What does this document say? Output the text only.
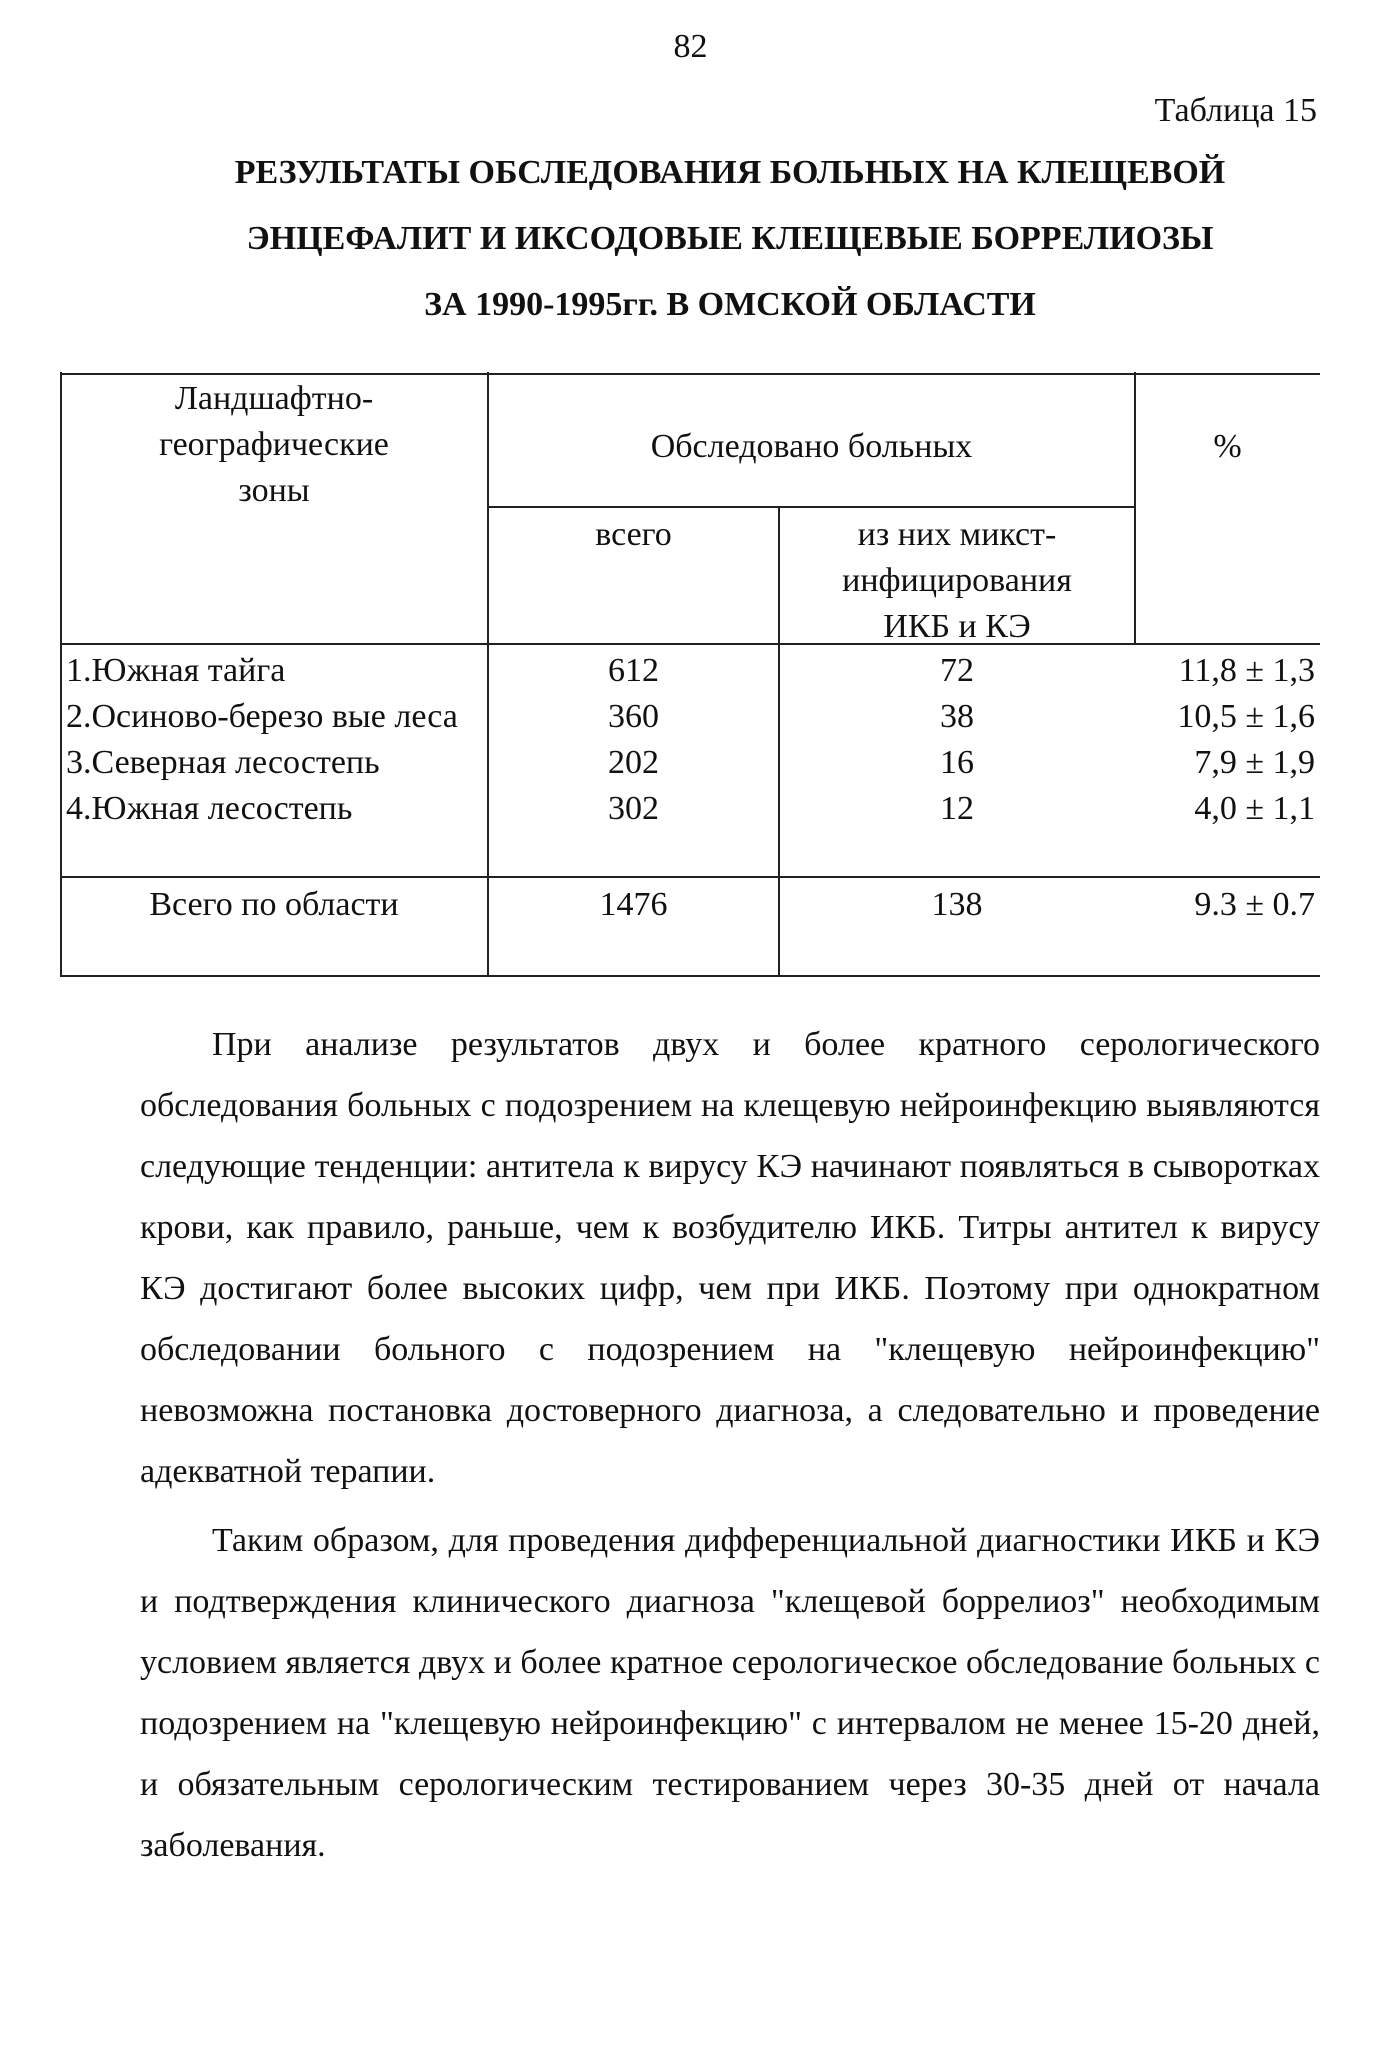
82
Таблица 15
РЕЗУЛЬТАТЫ ОБСЛЕДОВАНИЯ БОЛЬНЫХ НА КЛЕЩЕВОЙ
ЭНЦЕФАЛИТ И ИКСОДОВЫЕ КЛЕЩЕВЫЕ БОРРЕЛИОЗЫ
ЗА 1990-1995гг. В ОМСКОЙ ОБЛАСТИ
Ландшафтно-
географические
зоны
Обследовано больных	%
всего	из них микст-
инфицирования
ИКБ и КЭ
1.Южная тайга	612	72	11,8 ± 1,3
2.Осиново-березо вые леса	360	38	10,5 ± 1,6
3.Северная лесостепь	202	16	7,9 ± 1,9
4.Южная лесостепь	302	12	4,0 ± 1,1
Всего по области	1476	138	9.3 ± 0.7

При анализе результатов двух и более кратного серологического обследования больных с подозрением на клещевую нейроинфекцию выявляются следующие тенденции: антитела к вирусу КЭ начинают появляться в сыворотках крови, как правило, раньше, чем к возбудителю ИКБ. Титры антител к вирусу КЭ достигают более высоких цифр, чем при ИКБ. Поэтому при однократном обследовании больного с подозрением на "клещевую нейроинфекцию" невозможна постановка достоверного диагноза, а следовательно и проведение адекватной терапии.

Таким образом, для проведения дифференциальной диагностики ИКБ и КЭ и подтверждения клинического диагноза "клещевой боррелиоз" необходимым условием является двух и более кратное серологическое обследование больных с подозрением на "клещевую нейроинфекцию" с интервалом не менее 15-20 дней, и обязательным серологическим тестированием через 30-35 дней от начала заболевания.
